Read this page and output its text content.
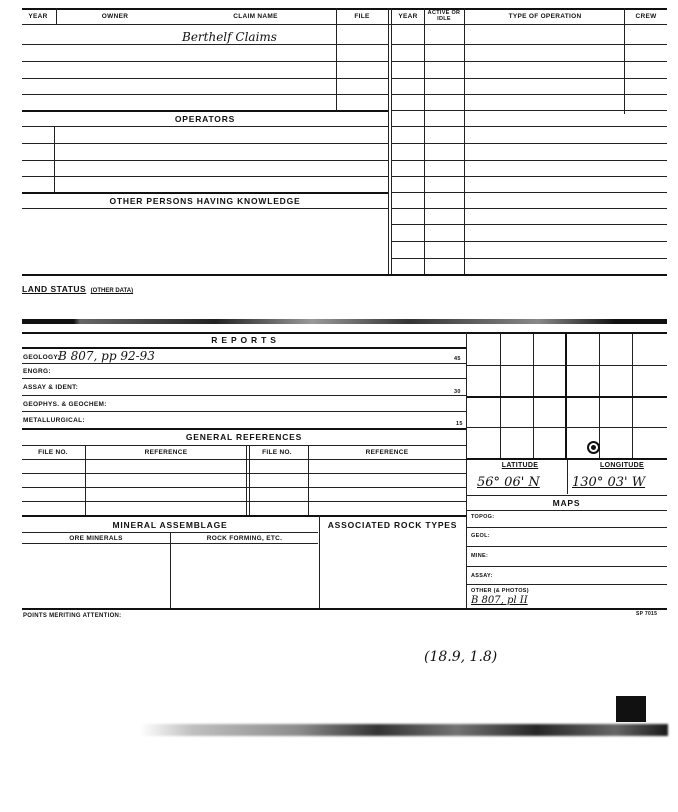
YEAR	OWNER	CLAIM NAME	FILE	YEAR	ACTIVE OR IDLE	TYPE OF OPERATION	CREW
Berthelf Claims
OPERATORS
OTHER PERSONS HAVING KNOWLEDGE
LAND STATUS (OTHER DATA)
R E P O R T S
GEOLOGY:
B 807, pp 92-93	45
ENGRG:
ASSAY & IDENT:
30
GEOPHYS. & GEOCHEM:
METALLURGICAL:	15
GENERAL REFERENCES
FILE NO.	REFERENCE	FILE NO.	REFERENCE
MINERAL ASSEMBLAGE
ORE MINERALS	ROCK FORMING, ETC.
ASSOCIATED ROCK TYPES
LATITUDE	LONGITUDE
56° 06' N 130° 03' W
MAPS
TOPOG:
GEOL:
MINE:
ASSAY:
OTHER (& PHOTOS)
B 807, pl II
POINTS MERITING ATTENTION:	SP 7015
(18.9, 1.8)
